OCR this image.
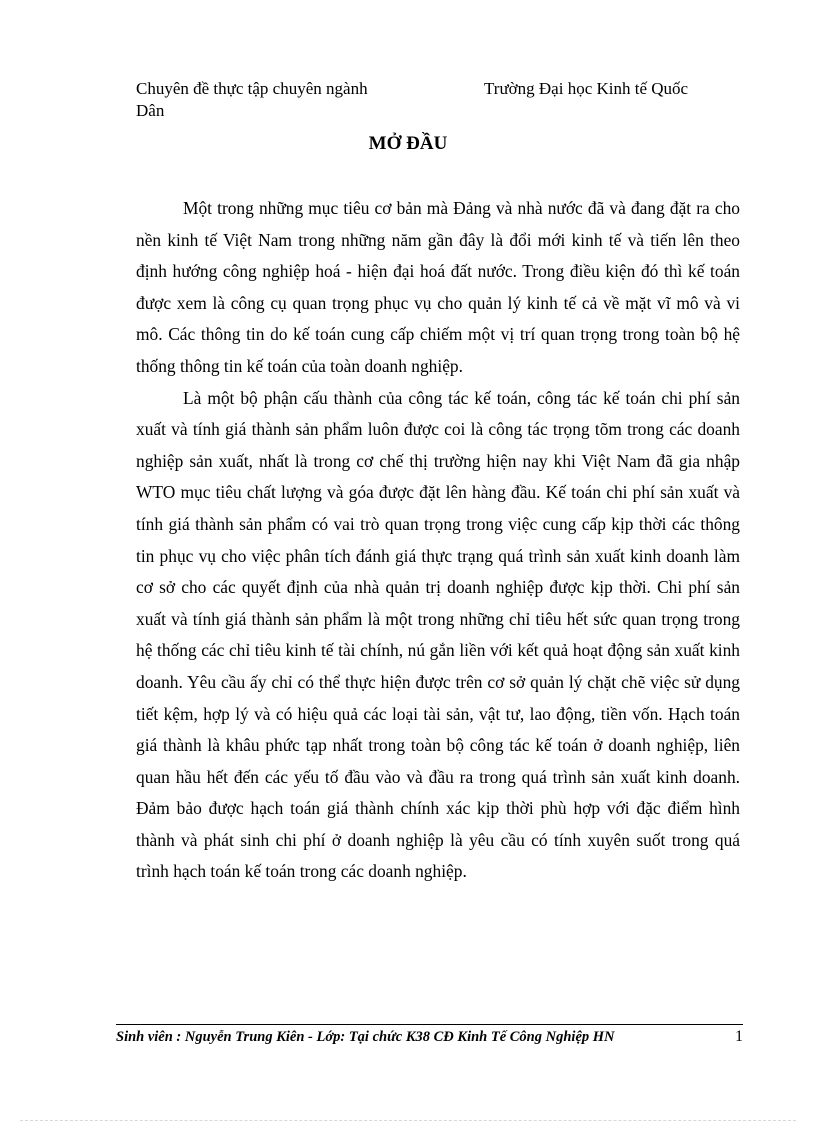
Chuyên đề thực tập chuyên ngành	Trường Đại học Kinh tế Quốc
Dân
MỞ ĐẦU

Một trong những mục tiêu cơ bản mà Đảng và nhà nước đã và đang đặt ra cho nền kinh tế Việt Nam trong những năm gần đây là đổi mới kinh tế và tiến lên theo định hướng công nghiệp hoá - hiện đại hoá đất nước. Trong điều kiện đó thì kế toán được xem là công cụ quan trọng phục vụ cho quản lý kinh tế cả về mặt vĩ mô và vi mô. Các thông tin do kế toán cung cấp chiếm một vị trí quan trọng trong toàn bộ hệ thống thông tin kế toán của toàn doanh nghiệp.

Là một bộ phận cấu thành của công tác kế toán, công tác kế toán chi phí sản xuất và tính giá thành sản phẩm luôn được coi là công tác trọng tõm trong các doanh nghiệp sản xuất, nhất là trong cơ chế thị trường hiện nay khi Việt Nam đã gia nhập WTO mục tiêu chất lượng và góa được đặt lên hàng đầu. Kế toán chi phí sản xuất và tính giá thành sản phẩm có vai trò quan trọng trong việc cung cấp kịp thời các thông tin phục vụ cho việc phân tích đánh giá thực trạng quá trình sản xuất kinh doanh làm cơ sở cho các quyết định của nhà quản trị doanh nghiệp được kịp thời. Chi phí sản xuất và tính giá thành sản phẩm là một trong những chỉ tiêu hết sức quan trọng trong hệ thống các chỉ tiêu kinh tế tài chính, nú gắn liền với kết quả hoạt động sản xuất kinh doanh. Yêu cầu ấy chỉ có thể thực hiện được trên cơ sở quản lý chặt chẽ việc sử dụng tiết kệm, hợp lý và có hiệu quả các loại tài sản, vật tư, lao động, tiền vốn. Hạch toán giá thành là khâu phức tạp nhất trong toàn bộ công tác kế toán ở doanh nghiệp, liên quan hầu hết đến các yếu tố đầu vào và đầu ra trong quá trình sản xuất kinh doanh. Đảm bảo được hạch toán giá thành chính xác kịp thời phù hợp với đặc điểm hình thành và phát sinh chi phí ở doanh nghiệp là yêu cầu có tính xuyên suốt trong quá trình hạch toán kế toán trong các doanh nghiệp.

Sinh viên : Nguyễn Trung Kiên - Lớp: Tại chức K38 CĐ Kinh Tế Công Nghiệp HN	1
